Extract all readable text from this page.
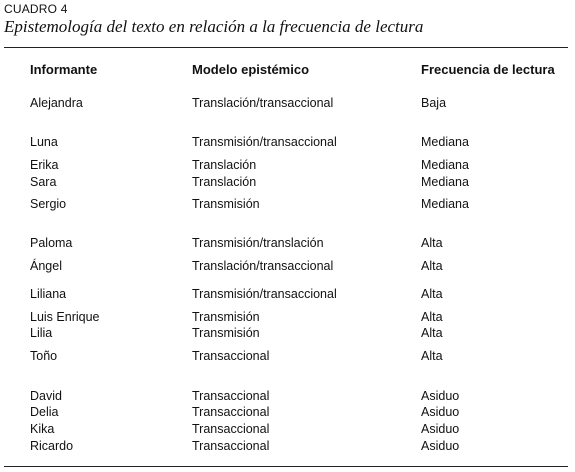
CUADRO 4
Epistemología del texto en relación a la frecuencia de lectura
Informante	Modelo epistémico	Frecuencia de lectura
Alejandra	Translación/transaccional	Baja
Luna	Transmisión/transaccional	Mediana
Erika	Translación	Mediana
Sara	Translación	Mediana
Sergio	Transmisión	Mediana
Paloma	Transmisión/translación	Alta
Ángel	Translación/transaccional	Alta
Liliana	Transmisión/transaccional	Alta
Luis Enrique	Transmisión	Alta
Lilia	Transmisión	Alta
Toño	Transaccional	Alta
David	Transaccional	Asiduo
Delia	Transaccional	Asiduo
Kika	Transaccional	Asiduo
Ricardo	Transaccional	Asiduo
